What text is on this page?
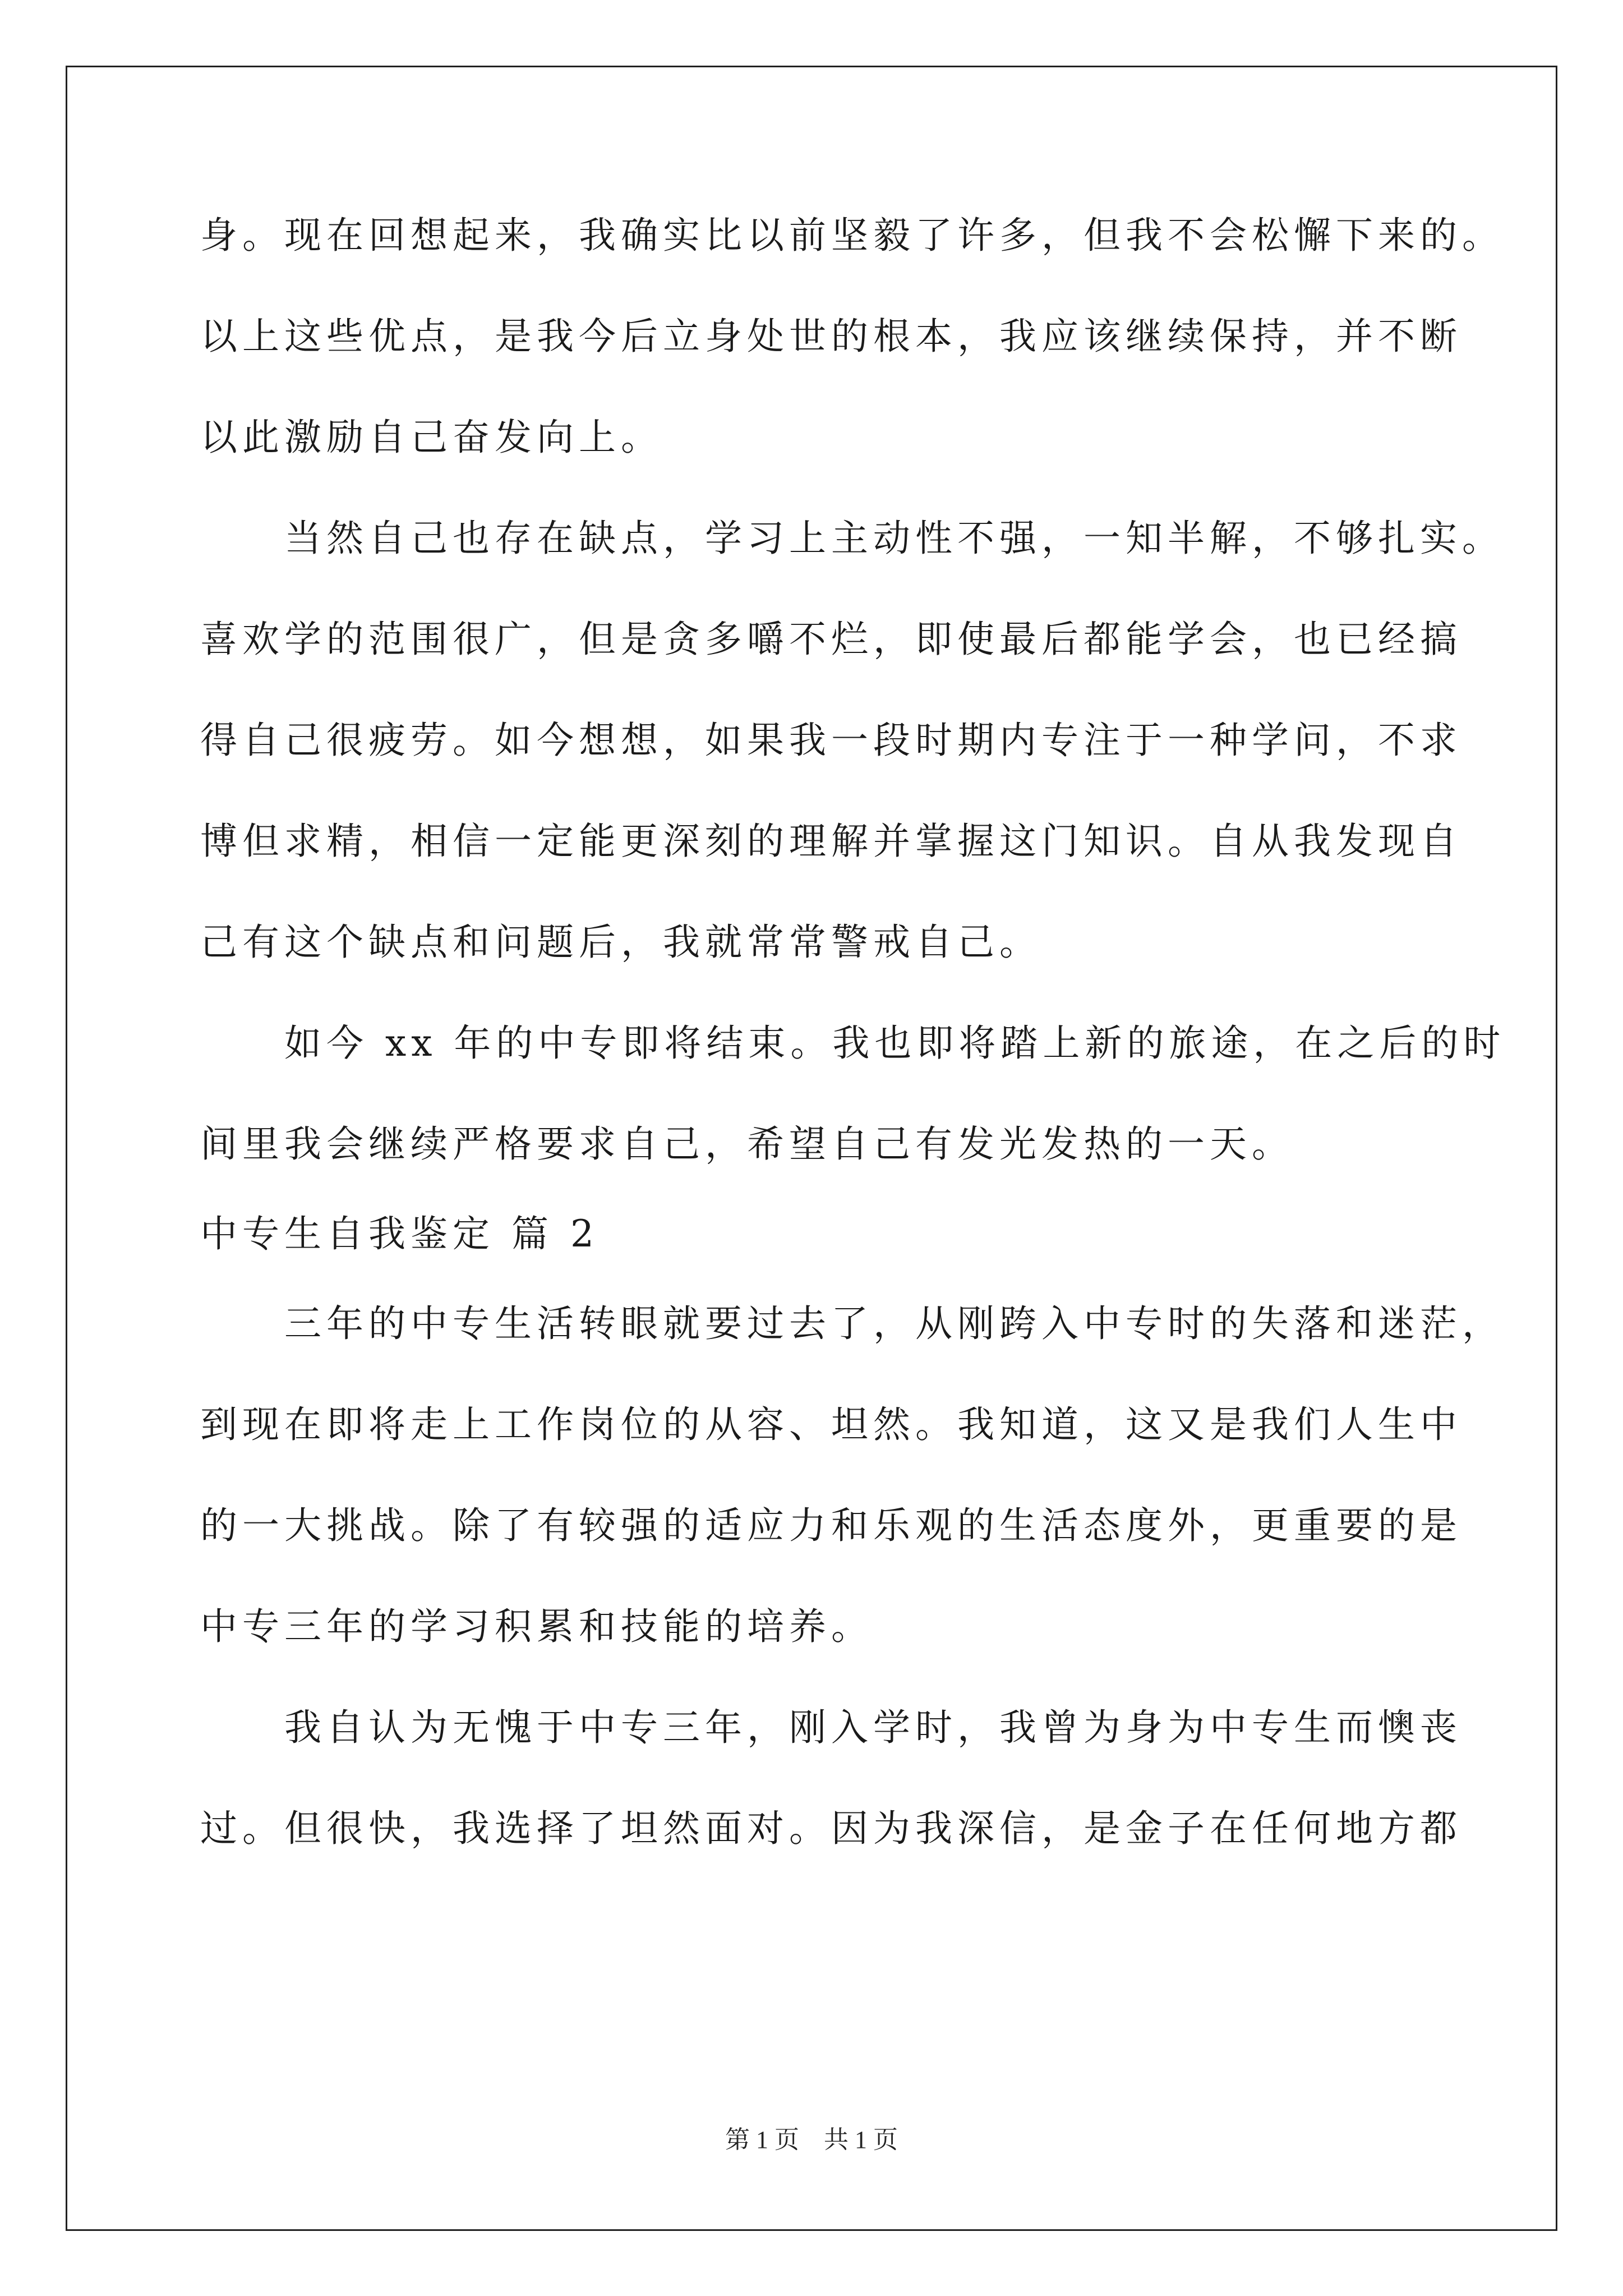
身。现在回想起来，我确实比以前坚毅了许多，但我不会松懈下来的。
以上这些优点，是我今后立身处世的根本，我应该继续保持，并不断
以此激励自己奋发向上。
当然自己也存在缺点，学习上主动性不强，一知半解，不够扎实。
喜欢学的范围很广，但是贪多嚼不烂，即使最后都能学会，也已经搞
得自己很疲劳。如今想想，如果我一段时期内专注于一种学问，不求
博但求精，相信一定能更深刻的理解并掌握这门知识。自从我发现自
己有这个缺点和问题后，我就常常警戒自己。
如今 xx 年的中专即将结束。我也即将踏上新的旅途，在之后的时
间里我会继续严格要求自己，希望自己有发光发热的一天。
中专生自我鉴定 篇 2
三年的中专生活转眼就要过去了，从刚跨入中专时的失落和迷茫，
到现在即将走上工作岗位的从容、坦然。我知道，这又是我们人生中
的一大挑战。除了有较强的适应力和乐观的生活态度外，更重要的是
中专三年的学习积累和技能的培养。
我自认为无愧于中专三年，刚入学时，我曾为身为中专生而懊丧
过。但很快，我选择了坦然面对。因为我深信，是金子在任何地方都
第 1 页　共 1 页
